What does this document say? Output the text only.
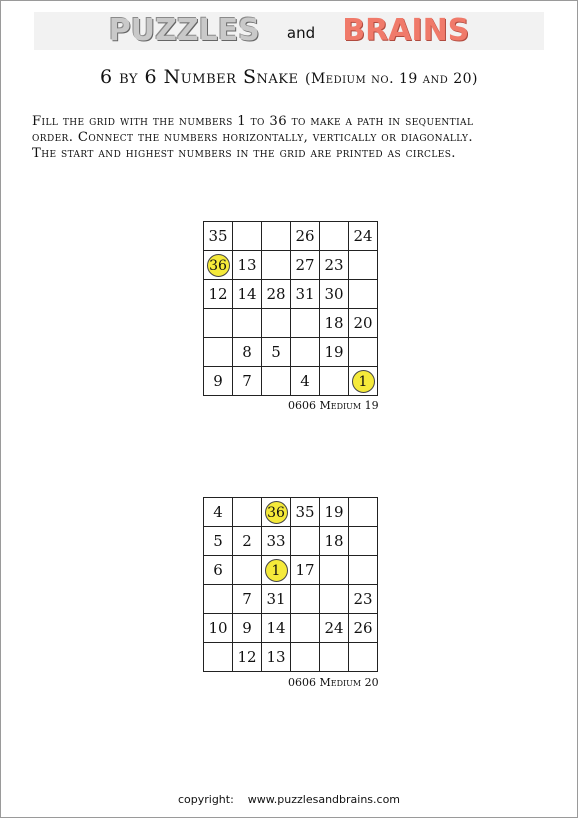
PUZZLES and BRAINS
6 by 6 Number Snake (Medium no. 19 and 20)
Fill the grid with the numbers 1 to 36 to make a path in sequential
order. Connect the numbers horizontally, vertically or diagonally.
The start and highest numbers in the grid are printed as circles.
35			26		24
36	13		27	23	
12	14	28	31	30	
				18	20
	8	5		19	
9	7		4		1
0606 Medium 19
4		36	35	19	
5	2	33		18	
6		1	17		
	7	31			23
10	9	14		24	26
	12	13			
0606 Medium 20
copyright: www.puzzlesandbrains.com
